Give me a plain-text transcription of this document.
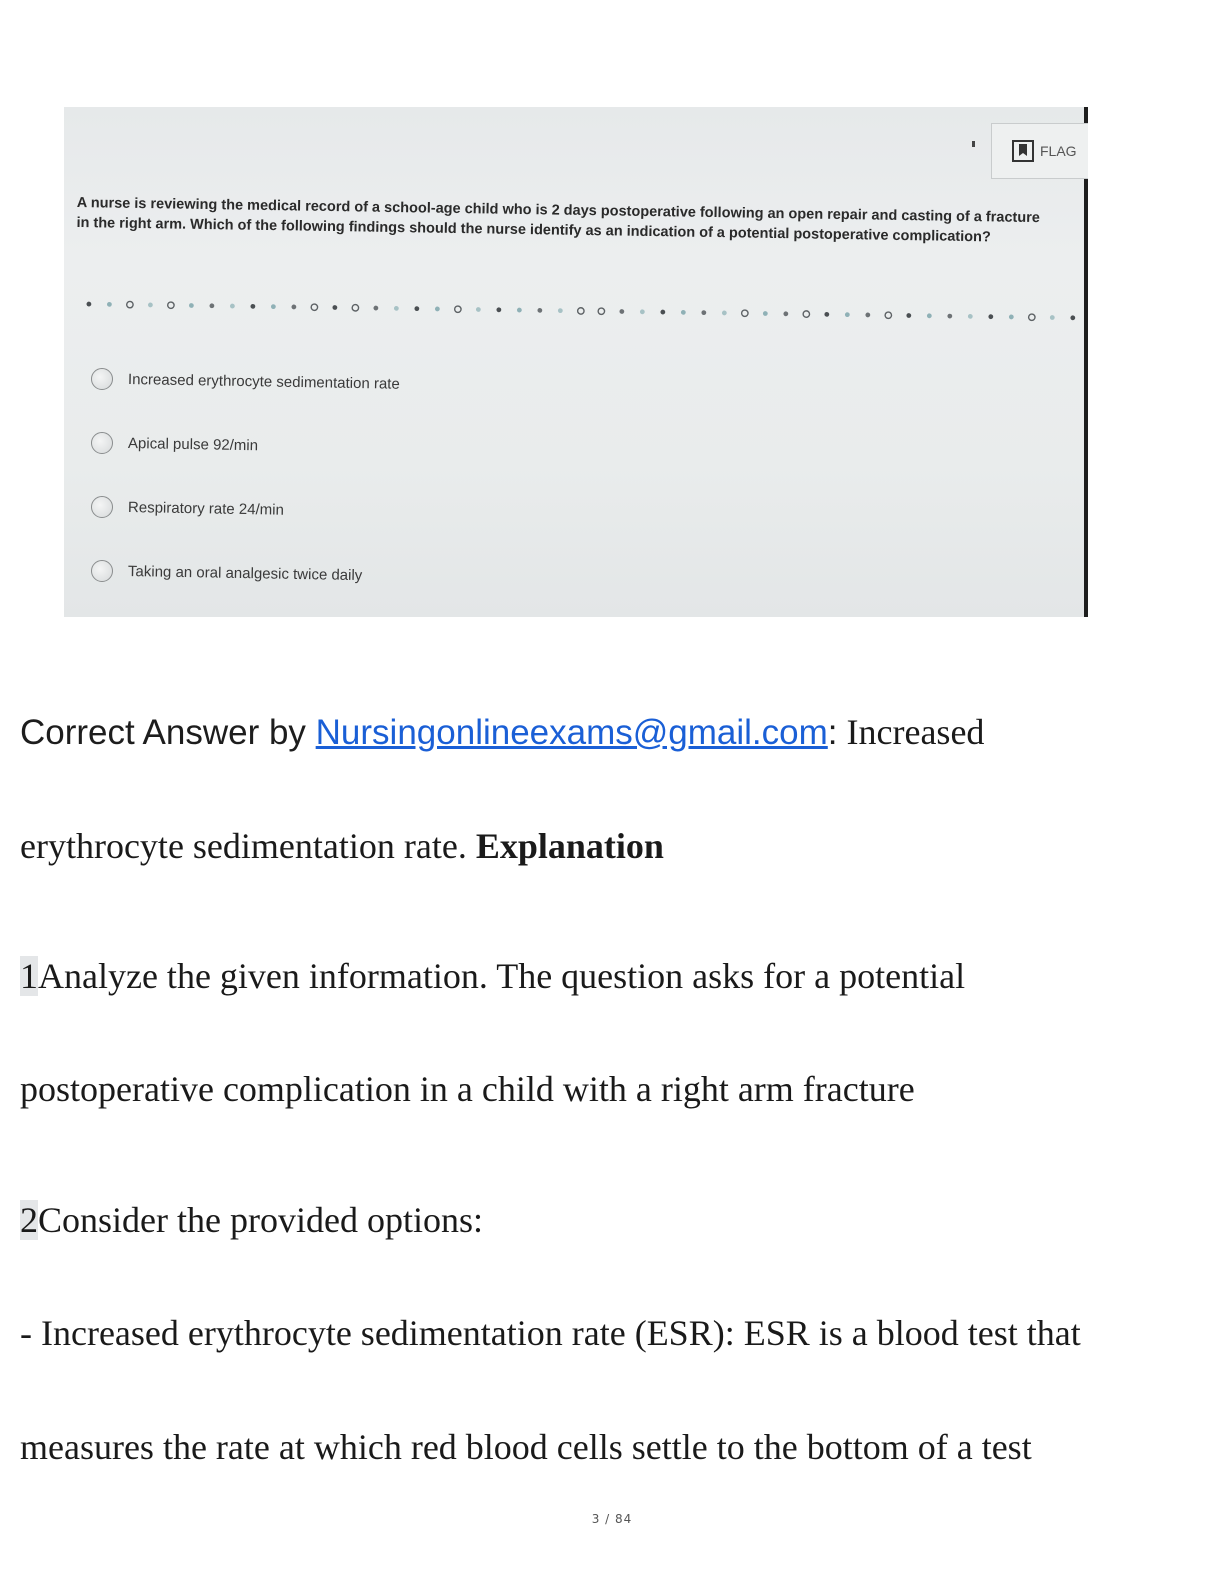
FLAG
A nurse is reviewing the medical record of a school-age child who is 2 days postoperative following an open repair and casting of a fracture in the right arm. Which of the following findings should the nurse identify as an indication of a potential postoperative complication?
Increased erythrocyte sedimentation rate
Apical pulse 92/min
Respiratory rate 24/min
Taking an oral analgesic twice daily
Correct Answer by Nursingonlineexams@gmail.com: Increased
erythrocyte sedimentation rate. Explanation
1Analyze the given information. The question asks for a potential
postoperative complication in a child with a right arm fracture
2Consider the provided options:
- Increased erythrocyte sedimentation rate (ESR): ESR is a blood test that
measures the rate at which red blood cells settle to the bottom of a test
3 / 84
